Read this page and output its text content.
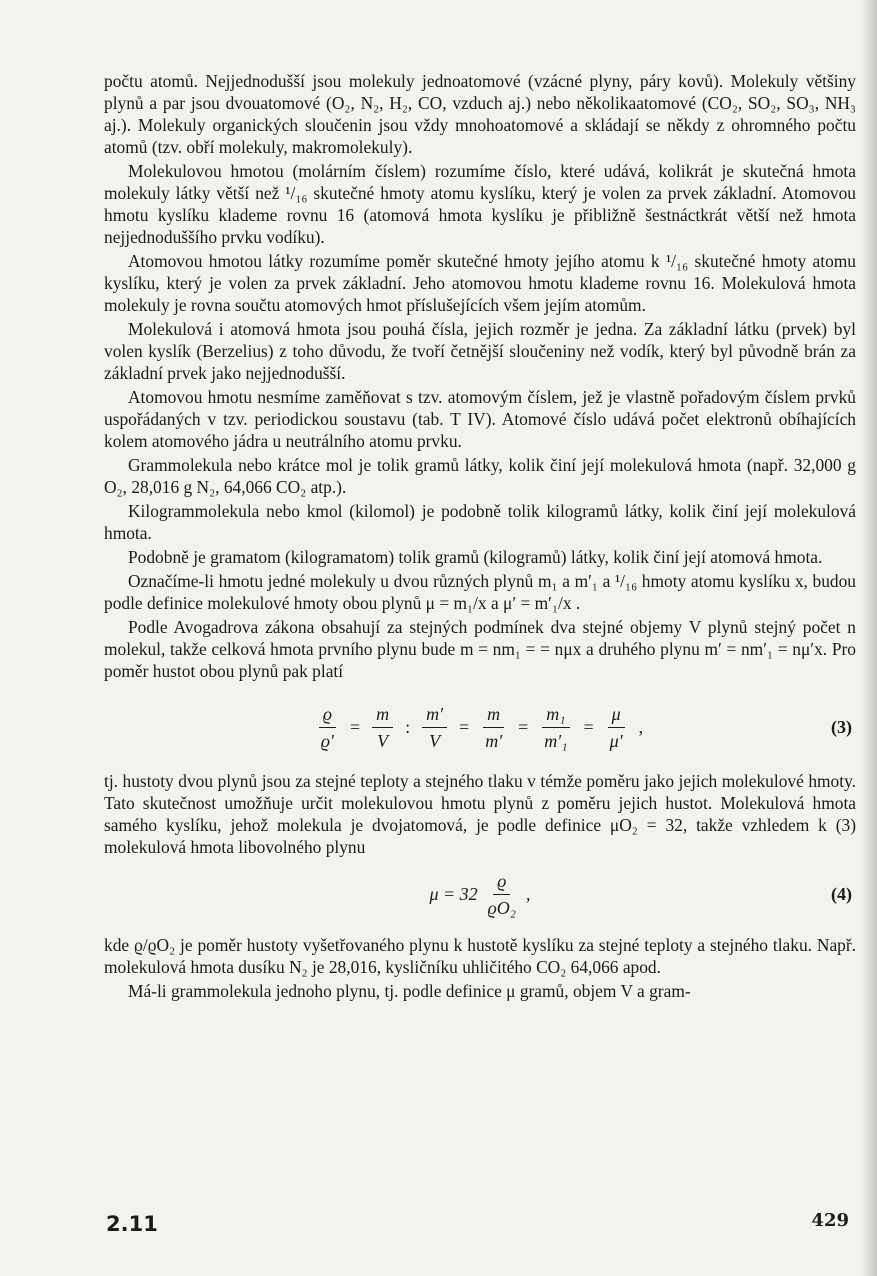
počtu atomů. Nejjednodušší jsou molekuly jednoatomové (vzácné plyny, páry kovů). Molekuly většiny plynů a par jsou dvouatomové (O₂, N₂, H₂, CO, vzduch aj.) nebo několikaatomové (CO₂, SO₂, SO₃, NH₃ aj.). Molekuly organických sloučenin jsou vždy mnohoatomové a skládají se někdy z ohromného počtu atomů (tzv. obří molekuly, makromolekuly).

Molekulovou hmotou (molárním číslem) rozumíme číslo, které udává, kolikrát je skutečná hmota molekuly látky větší než ¹/₁₆ skutečné hmoty atomu kyslíku, který je volen za prvek základní. Atomovou hmotu kyslíku klademe rovnu 16 (atomová hmota kyslíku je přibližně šestnáctkrát větší než hmota nejjednoduššího prvku vodíku).

Atomovou hmotou látky rozumíme poměr skutečné hmoty jejího atomu k ¹/₁₆ skutečné hmoty atomu kyslíku, který je volen za prvek základní. Jeho atomovou hmotu klademe rovnu 16. Molekulová hmota molekuly je rovna součtu atomových hmot příslušejících všem jejím atomům.

Molekulová i atomová hmota jsou pouhá čísla, jejich rozměr je jedna. Za základní látku (prvek) byl volen kyslík (Berzelius) z toho důvodu, že tvoří četnější sloučeniny než vodík, který byl původně brán za základní prvek jako nejjednodušší.

Atomovou hmotu nesmíme zaměňovat s tzv. atomovým číslem, jež je vlastně pořadovým číslem prvků uspořádaných v tzv. periodickou soustavu (tab. T IV). Atomové číslo udává počet elektronů obíhajících kolem atomového jádra u neutrálního atomu prvku.

Grammolekula nebo krátce mol je tolik gramů látky, kolik činí její molekulová hmota (např. 32,000 g O₂, 28,016 g N₂, 64,066 CO₂ atp.).

Kilogrammolekula nebo kmol (kilomol) je podobně tolik kilogramů látky, kolik činí její molekulová hmota.

Podobně je gramatom (kilogramatom) tolik gramů (kilogramů) látky, kolik činí její atomová hmota.

Označíme-li hmotu jedné molekuly u dvou různých plynů m₁ a m′₁ a ¹/₁₆ hmoty atomu kyslíku x, budou podle definice molekulové hmoty obou plynů μ = m₁/x a μ′ = m′₁/x .

Podle Avogadrova zákona obsahují za stejných podmínek dva stejné objemy V plynů stejný počet n molekul, takže celková hmota prvního plynu bude m = nm₁ = = nμx a druhého plynu m′ = nm′₁ = nμ′x. Pro poměr hustot obou plynů pak platí

$\frac{ϱ}{ϱ'} = \frac{m}{V}$ : $\frac{m'}{V} = \frac{m}{m'} = \frac{\text{m₁}}{\text{m′₁}} = \frac{\mu}{\mu'}$ ,	(3)

tj. hustoty dvou plynů jsou za stejné teploty a stejného tlaku v témže poměru jako jejich molekulové hmoty. Tato skutečnost umožňuje určit molekulovou hmotu plynů z poměru jejich hustot. Molekulová hmota samého kyslíku, jehož molekula je dvojatomová, je podle definice μO₂ = 32, takže vzhledem k (3) molekulová hmota libovolného plynu

$\mu = 32 \frac{ϱ}{\text{ϱO₂}}$ ,	(4)

kde ϱ/ϱO₂ je poměr hustoty vyšetřovaného plynu k hustotě kyslíku za stejné teploty a stejného tlaku. Např. molekulová hmota dusíku N₂ je 28,016, kysličníku uhličitého CO₂ 64,066 apod.

Má-li grammolekula jednoho plynu, tj. podle definice μ gramů, objem V a gram-

2.11	429
